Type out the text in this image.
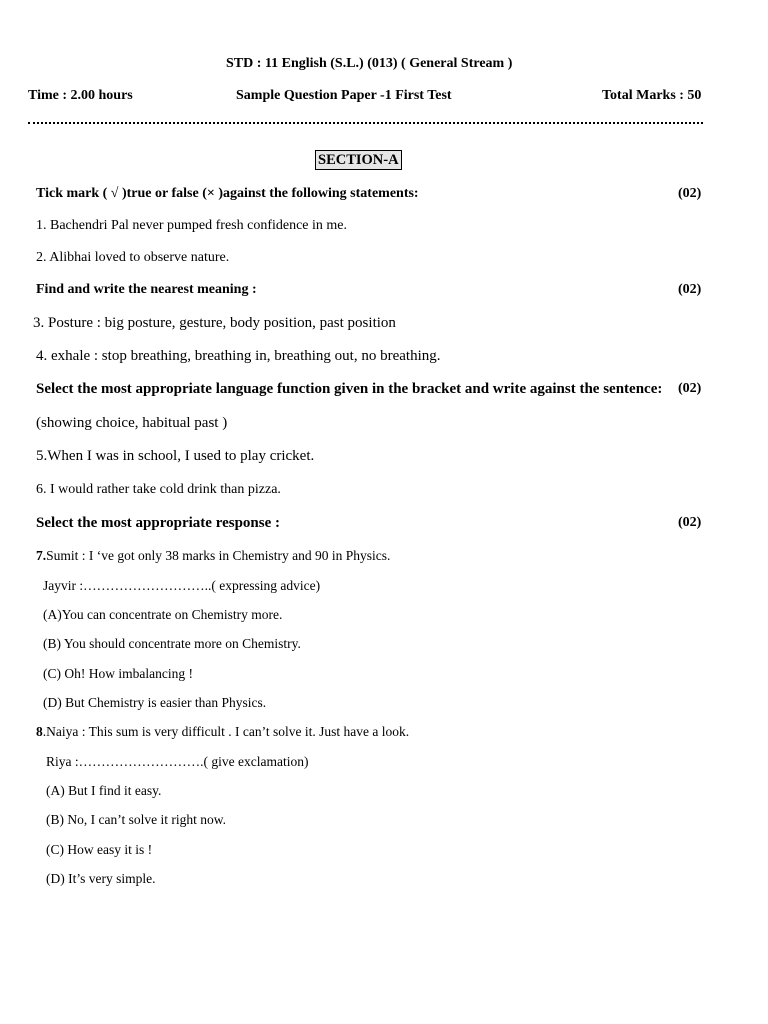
STD : 11 English (S.L.) (013) ( General Stream )
Time : 2.00 hours	Sample Question Paper -1 First Test	Total Marks : 50
SECTION-A
Tick mark ( √ )true or false (× )against the following statements:	(02)
1. Bachendri Pal never pumped fresh confidence in me.
2. Alibhai loved to observe nature.
Find and write the nearest meaning :	(02)
3. Posture : big posture, gesture, body position, past position
4. exhale : stop breathing, breathing in, breathing out, no breathing.
Select the most appropriate language function given in the bracket and write against the sentence: (02)
(showing choice, habitual past )
5.When I was in school, I used to play cricket.
6. I would rather take cold drink than pizza.
Select the most appropriate response :	(02)
7.Sumit : I ‘ve got only 38 marks in Chemistry and 90 in Physics.
Jayvir :………………………..( expressing advice)
(A)You can concentrate on Chemistry more.
(B) You should concentrate more on Chemistry.
(C) Oh! How imbalancing !
(D) But Chemistry is easier than Physics.
8.Naiya : This sum is very difficult . I can’t solve it. Just have a look.
Riya :……………………….( give exclamation)
(A) But I find it easy.
(B) No, I can’t solve it right now.
(C) How easy it is !
(D) It’s very simple.
